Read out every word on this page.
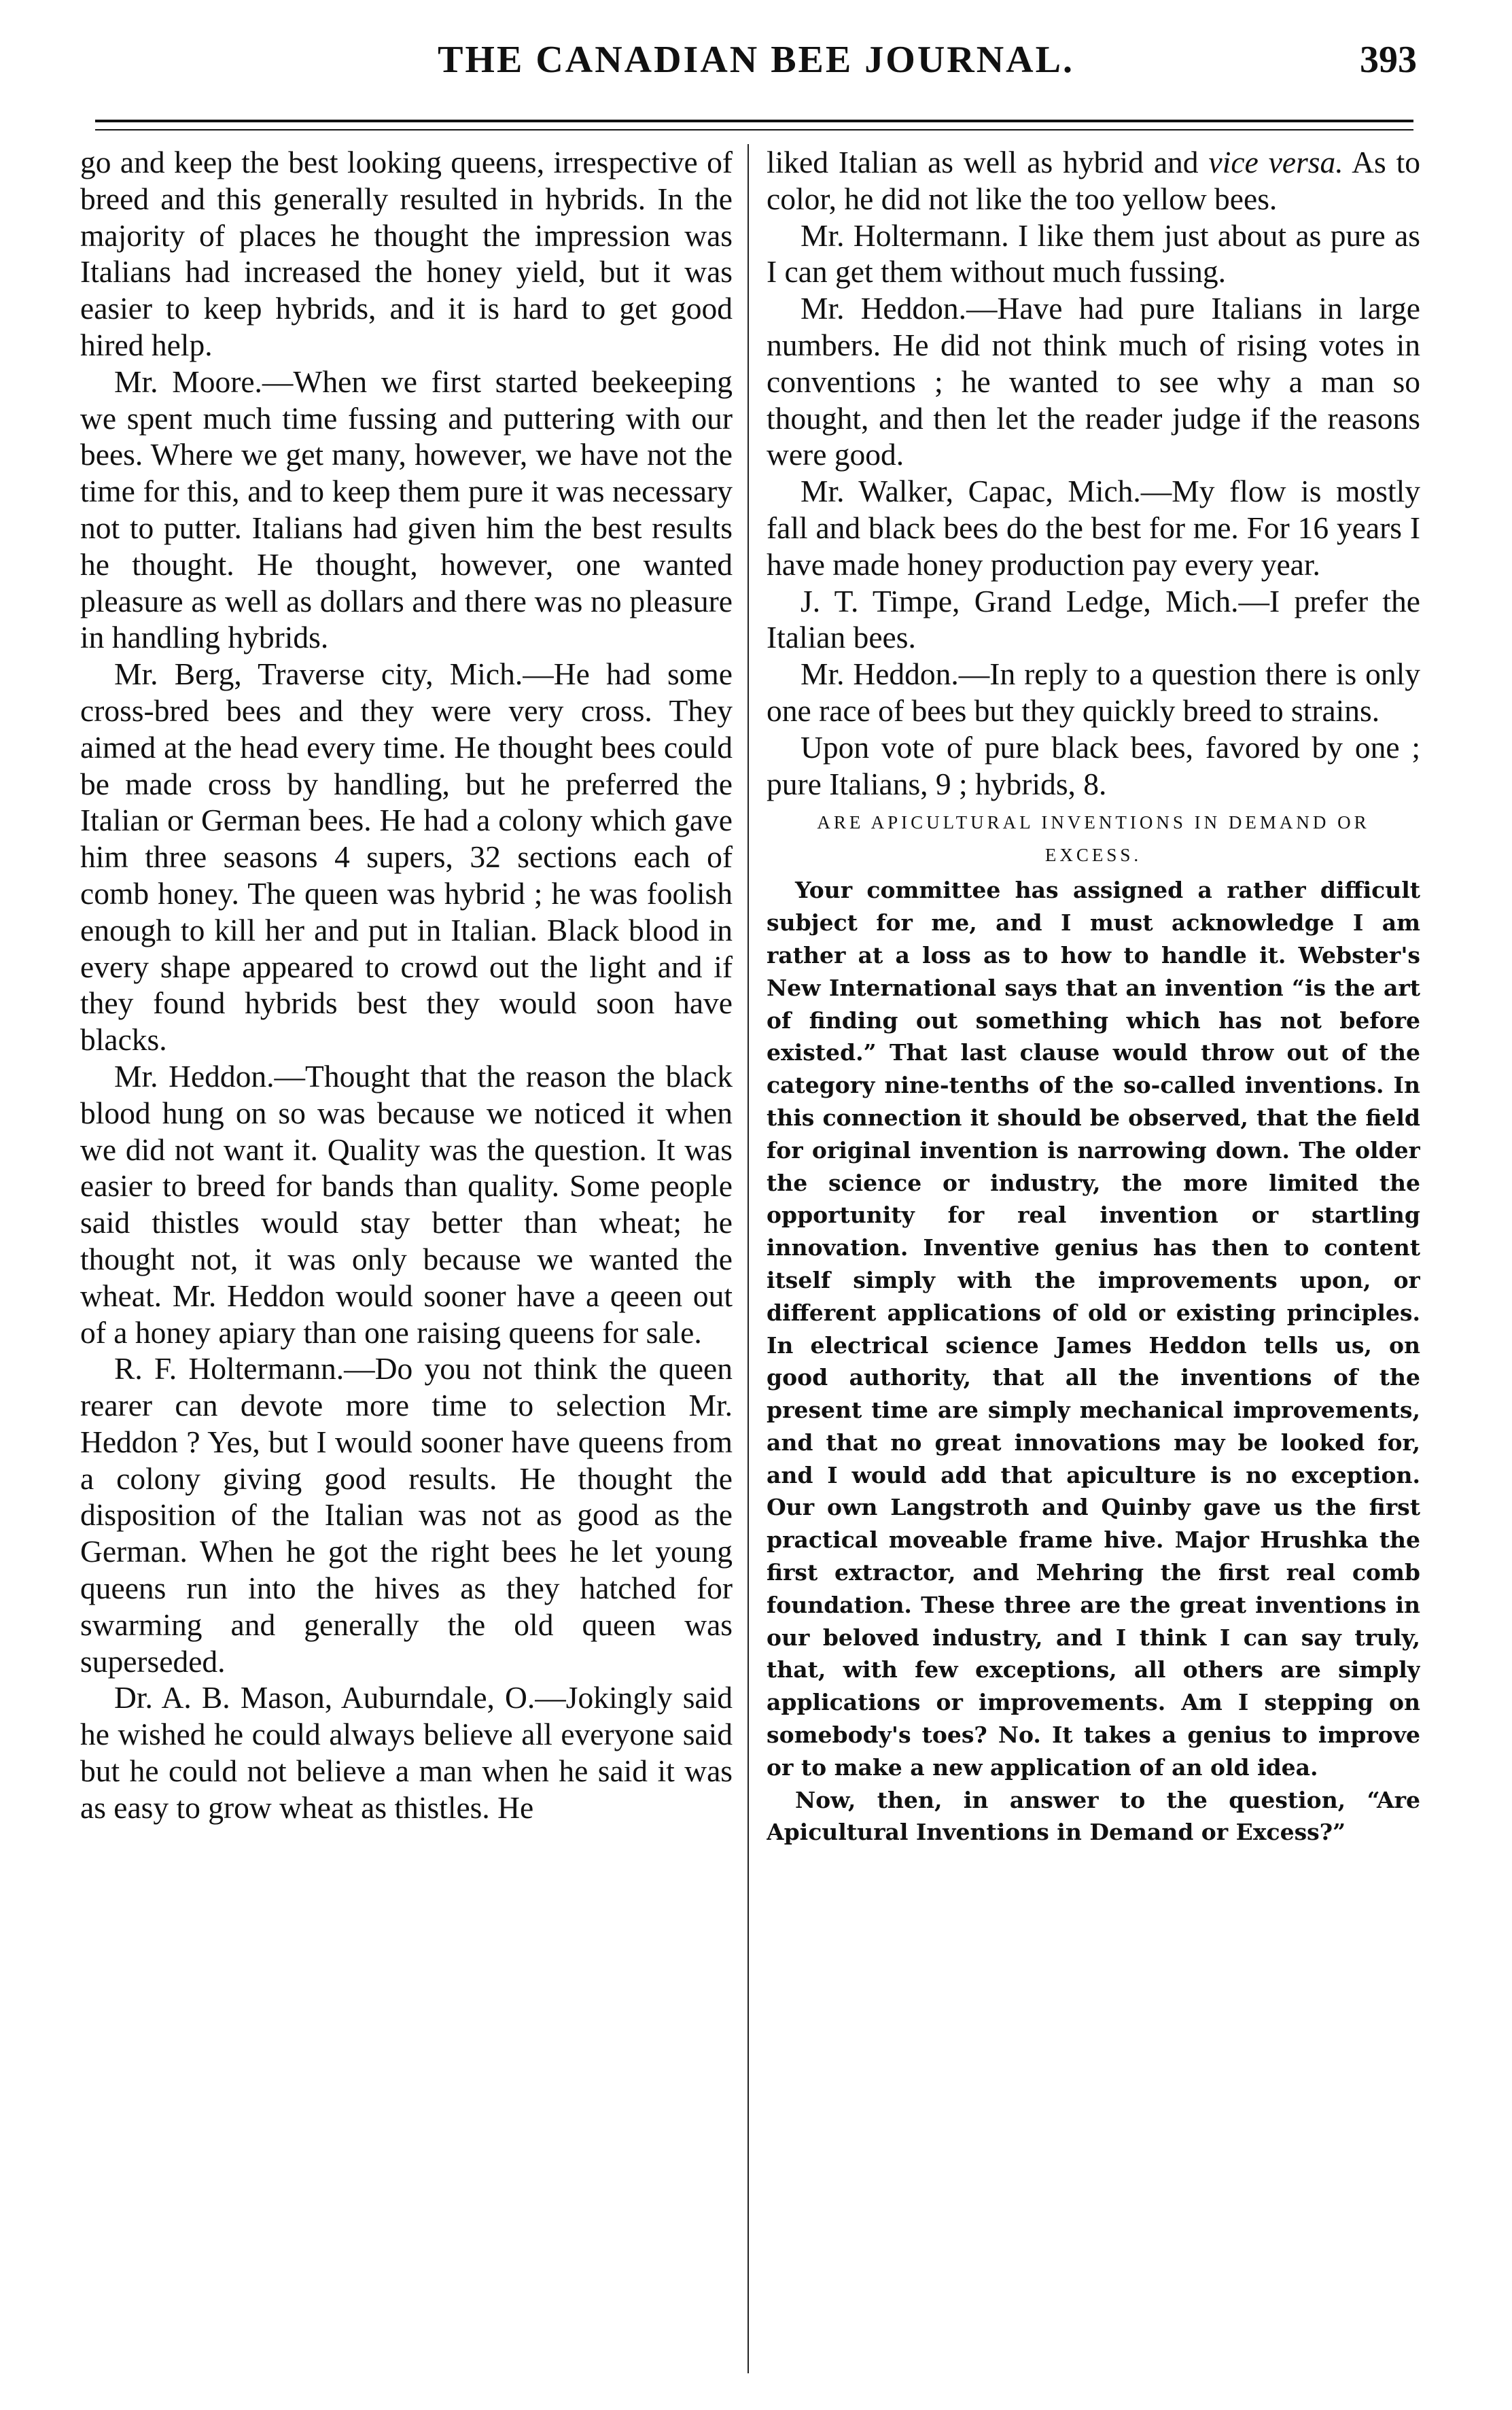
THE CANADIAN BEE JOURNAL.	393

go and keep the best looking queens, irrespective of breed and this generally resulted in hybrids. In the majority of places he thought the impression was Italians had increased the honey yield, but it was easier to keep hybrids, and it is hard to get good hired help.

Mr. Moore.—When we first started beekeeping we spent much time fussing and puttering with our bees. Where we get many, however, we have not the time for this, and to keep them pure it was necessary not to putter. Italians had given him the best results he thought. He thought, however, one wanted pleasure as well as dollars and there was no pleasure in handling hybrids.

Mr. Berg, Traverse city, Mich.—He had some cross-bred bees and they were very cross. They aimed at the head every time. He thought bees could be made cross by handling, but he preferred the Italian or German bees. He had a colony which gave him three seasons 4 supers, 32 sections each of comb honey. The queen was hybrid ; he was foolish enough to kill her and put in Italian. Black blood in every shape appeared to crowd out the light and if they found hybrids best they would soon have blacks.

Mr. Heddon.—Thought that the reason the black blood hung on so was because we noticed it when we did not want it. Quality was the question. It was easier to breed for bands than quality. Some people said thistles would stay better than wheat; he thought not, it was only because we wanted the wheat. Mr. Heddon would sooner have a qeeen out of a honey apiary than one raising queens for sale.

R. F. Holtermann.—Do you not think the queen rearer can devote more time to selection Mr. Heddon ? Yes, but I would sooner have queens from a colony giving good results. He thought the disposition of the Italian was not as good as the German. When he got the right bees he let young queens run into the hives as they hatched for swarming and generally the old queen was superseded.

Dr. A. B. Mason, Auburndale, O.—Jokingly said he wished he could always believe all everyone said but he could not believe a man when he said it was as easy to grow wheat as thistles. He

liked Italian as well as hybrid and vice versa. As to color, he did not like the too yellow bees.

Mr. Holtermann. I like them just about as pure as I can get them without much fussing.

Mr. Heddon.—Have had pure Italians in large numbers. He did not think much of rising votes in conventions ; he wanted to see why a man so thought, and then let the reader judge if the reasons were good.

Mr. Walker, Capac, Mich.—My flow is mostly fall and black bees do the best for me. For 16 years I have made honey production pay every year.

J. T. Timpe, Grand Ledge, Mich.—I prefer the Italian bees.

Mr. Heddon.—In reply to a question there is only one race of bees but they quickly breed to strains.

Upon vote of pure black bees, favored by one ; pure Italians, 9 ; hybrids, 8.

ARE APICULTURAL INVENTIONS IN DEMAND OR EXCESS.

Your committee has assigned a rather difficult subject for me, and I must acknowledge I am rather at a loss as to how to handle it. Webster's New International says that an invention “is the art of finding out something which has not before existed.” That last clause would throw out of the category nine-tenths of the so-called inventions. In this connection it should be observed, that the field for original invention is narrowing down. The older the science or industry, the more limited the opportunity for real invention or startling innovation. Inventive genius has then to content itself simply with the improvements upon, or different applications of old or existing principles. In electrical science James Heddon tells us, on good authority, that all the inventions of the present time are simply mechanical improvements, and that no great innovations may be looked for, and I would add that apiculture is no exception. Our own Langstroth and Quinby gave us the first practical moveable frame hive. Major Hrushka the first extractor, and Mehring the first real comb foundation. These three are the great inventions in our beloved industry, and I think I can say truly, that, with few exceptions, all others are simply applications or improvements. Am I stepping on somebody's toes? No. It takes a genius to improve or to make a new application of an old idea.

Now, then, in answer to the question, “Are Apicultural Inventions in Demand or Excess?”
